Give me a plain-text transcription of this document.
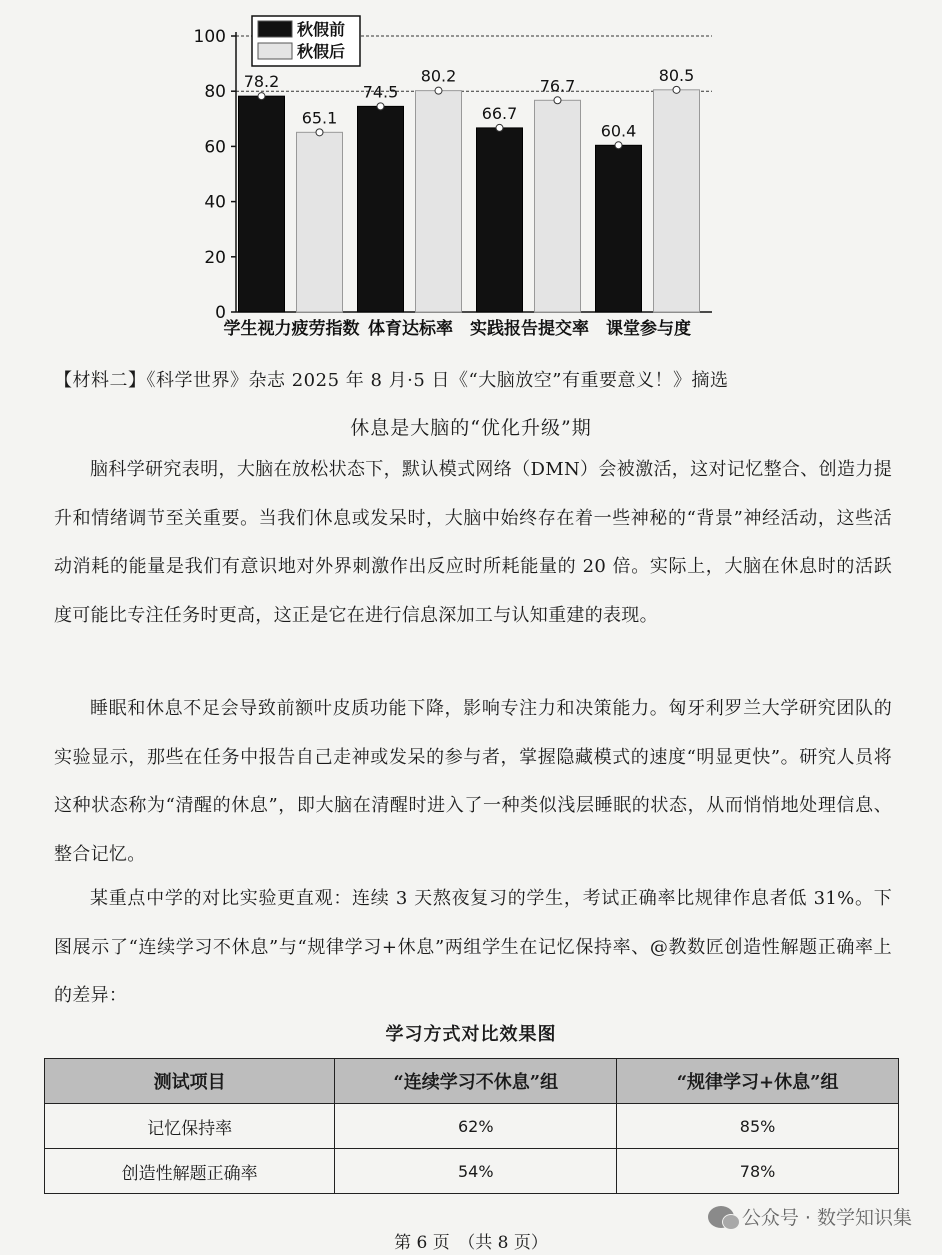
0
20
40
60
80
100
78.2
65.1
学生视力疲劳指数
74.5
80.2
体育达标率
66.7
76.7
实践报告提交率
60.4
80.5
课堂参与度
秋假前
秋假后
【材料二】《科学世界》杂志 2025 年 8 月·5 日《“大脑放空”有重要意义！》摘选
休息是大脑的“优化升级”期

脑科学研究表明，大脑在放松状态下，默认模式网络（DMN）会被激活，这对记忆整合、创造力提升和情绪调节至关重要。当我们休息或发呆时，大脑中始终存在着一些神秘的“背景”神经活动，这些活动消耗的能量是我们有意识地对外界刺激作出反应时所耗能量的 20 倍。实际上，大脑在休息时的活跃度可能比专注任务时更高，这正是它在进行信息深加工与认知重建的表现。

睡眠和休息不足会导致前额叶皮质功能下降，影响专注力和决策能力。匈牙利罗兰大学研究团队的实验显示，那些在任务中报告自己走神或发呆的参与者，掌握隐藏模式的速度“明显更快”。研究人员将这种状态称为“清醒的休息”，即大脑在清醒时进入了一种类似浅层睡眠的状态，从而悄悄地处理信息、整合记忆。

某重点中学的对比实验更直观：连续 3 天熬夜复习的学生，考试正确率比规律作息者低 31%。下图展示了“连续学习不休息”与“规律学习+休息”两组学生在记忆保持率、@教数匠创造性解题正确率上的差异：

学习方式对比效果图
测试项目	“连续学习不休息”组	“规律学习+休息”组
记忆保持率	62%	85%
创造性解题正确率	54%	78%
第 6 页　（共 8 页）
公众号 · 数学知识集
